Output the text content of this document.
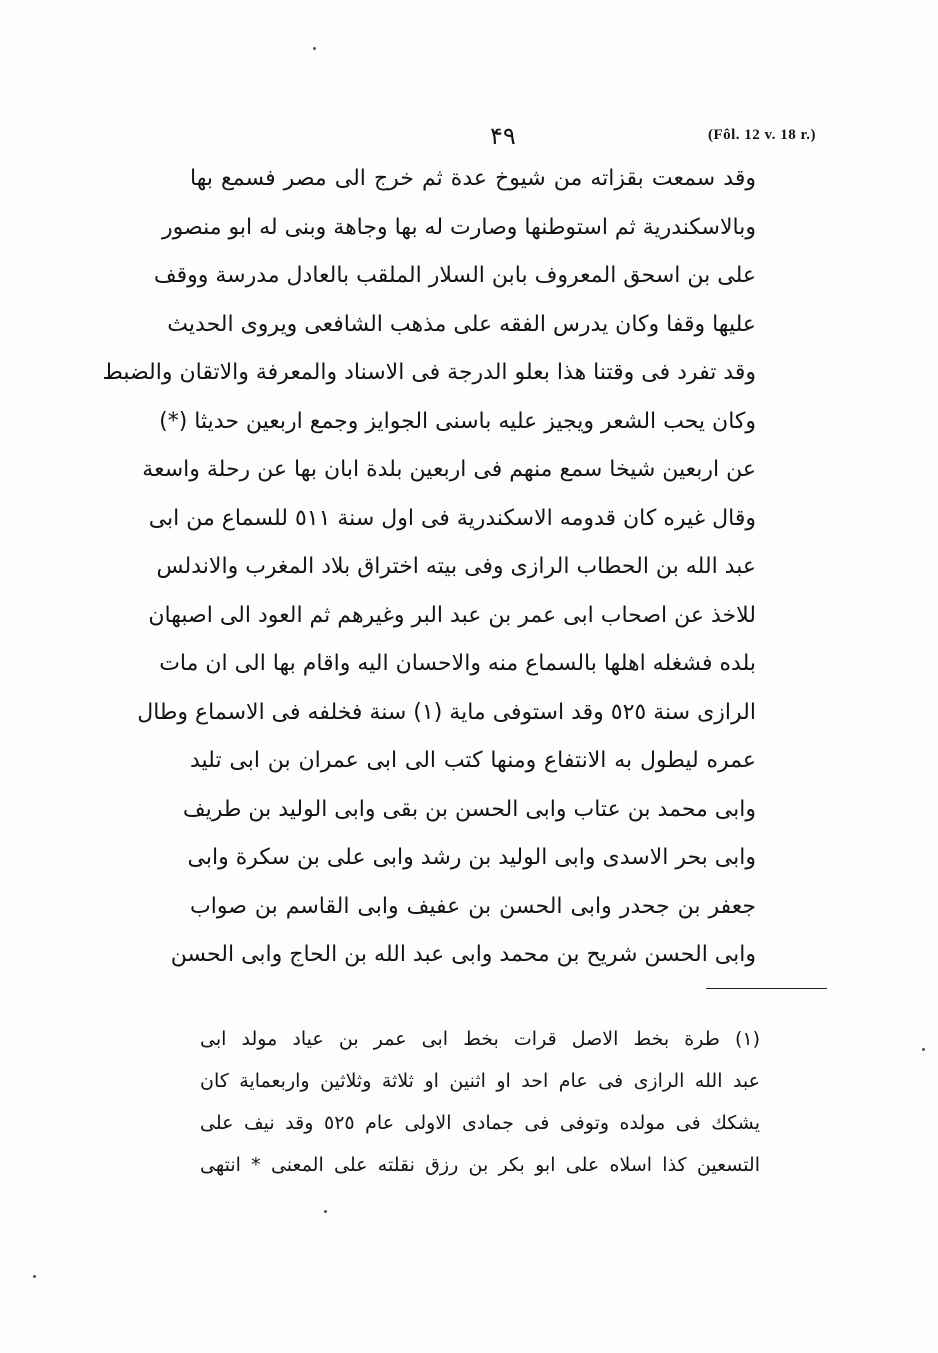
۴۹	(Fôl. 12 v. 18 r.)
وقد سمعت بقزاته من شيوخ عدة ثم خرج الى مصر فسمع بها
وبالاسكندرية ثم استوطنها وصارت له بها وجاهة وبنى له ابو منصور
على بن اسحق المعروف بابن السلار الملقب بالعادل مدرسة ووقف
عليها وقفا وكان يدرس الفقه على مذهب الشافعى ويروى الحديث
وقد تفرد فى وقتنا هذا بعلو الدرجة فى الاسناد والمعرفة والاتقان والضبط
وكان يحب الشعر ويجيز عليه باسنى الجوايز وجمع اربعين حديثا (*)
عن اربعين شيخا سمع منهم فى اربعين بلدة ابان بها عن رحلة واسعة
وقال غيره كان قدومه الاسكندرية فى اول سنة ٥١١ للسماع من ابى
عبد الله بن الحطاب الرازى وفى بيته اختراق بلاد المغرب والاندلس
للاخذ عن اصحاب ابى عمر بن عبد البر وغيرهم ثم العود الى اصبهان
بلده فشغله اهلها بالسماع منه والاحسان اليه واقام بها الى ان مات
الرازى سنة ٥٢٥ وقد استوفى ماية (١) سنة فخلفه فى الاسماع وطال
عمره ليطول به الانتفاع ومنها كتب الى ابى عمران بن ابى تليد
وابى محمد بن عتاب وابى الحسن بن بقى وابى الوليد بن طريف
وابى بحر الاسدى وابى الوليد بن رشد وابى على بن سكرة وابى
جعفر بن جحدر وابى الحسن بن عفيف وابى القاسم بن صواب
وابى الحسن شريح بن محمد وابى عبد الله بن الحاج وابى الحسن
(١) طرة بخط الاصل قرات بخط ابى عمر بن عياد مولد ابى
عبد الله الرازى فى عام احد او اثنين او ثلاثة وثلاثين واربعماية كان
يشكك فى مولده وتوفى فى جمادى الاولى عام ٥٢٥ وقد نيف على
التسعين كذا اسلاه على ابو بكر بن رزق نقلته على المعنى * انتهى
